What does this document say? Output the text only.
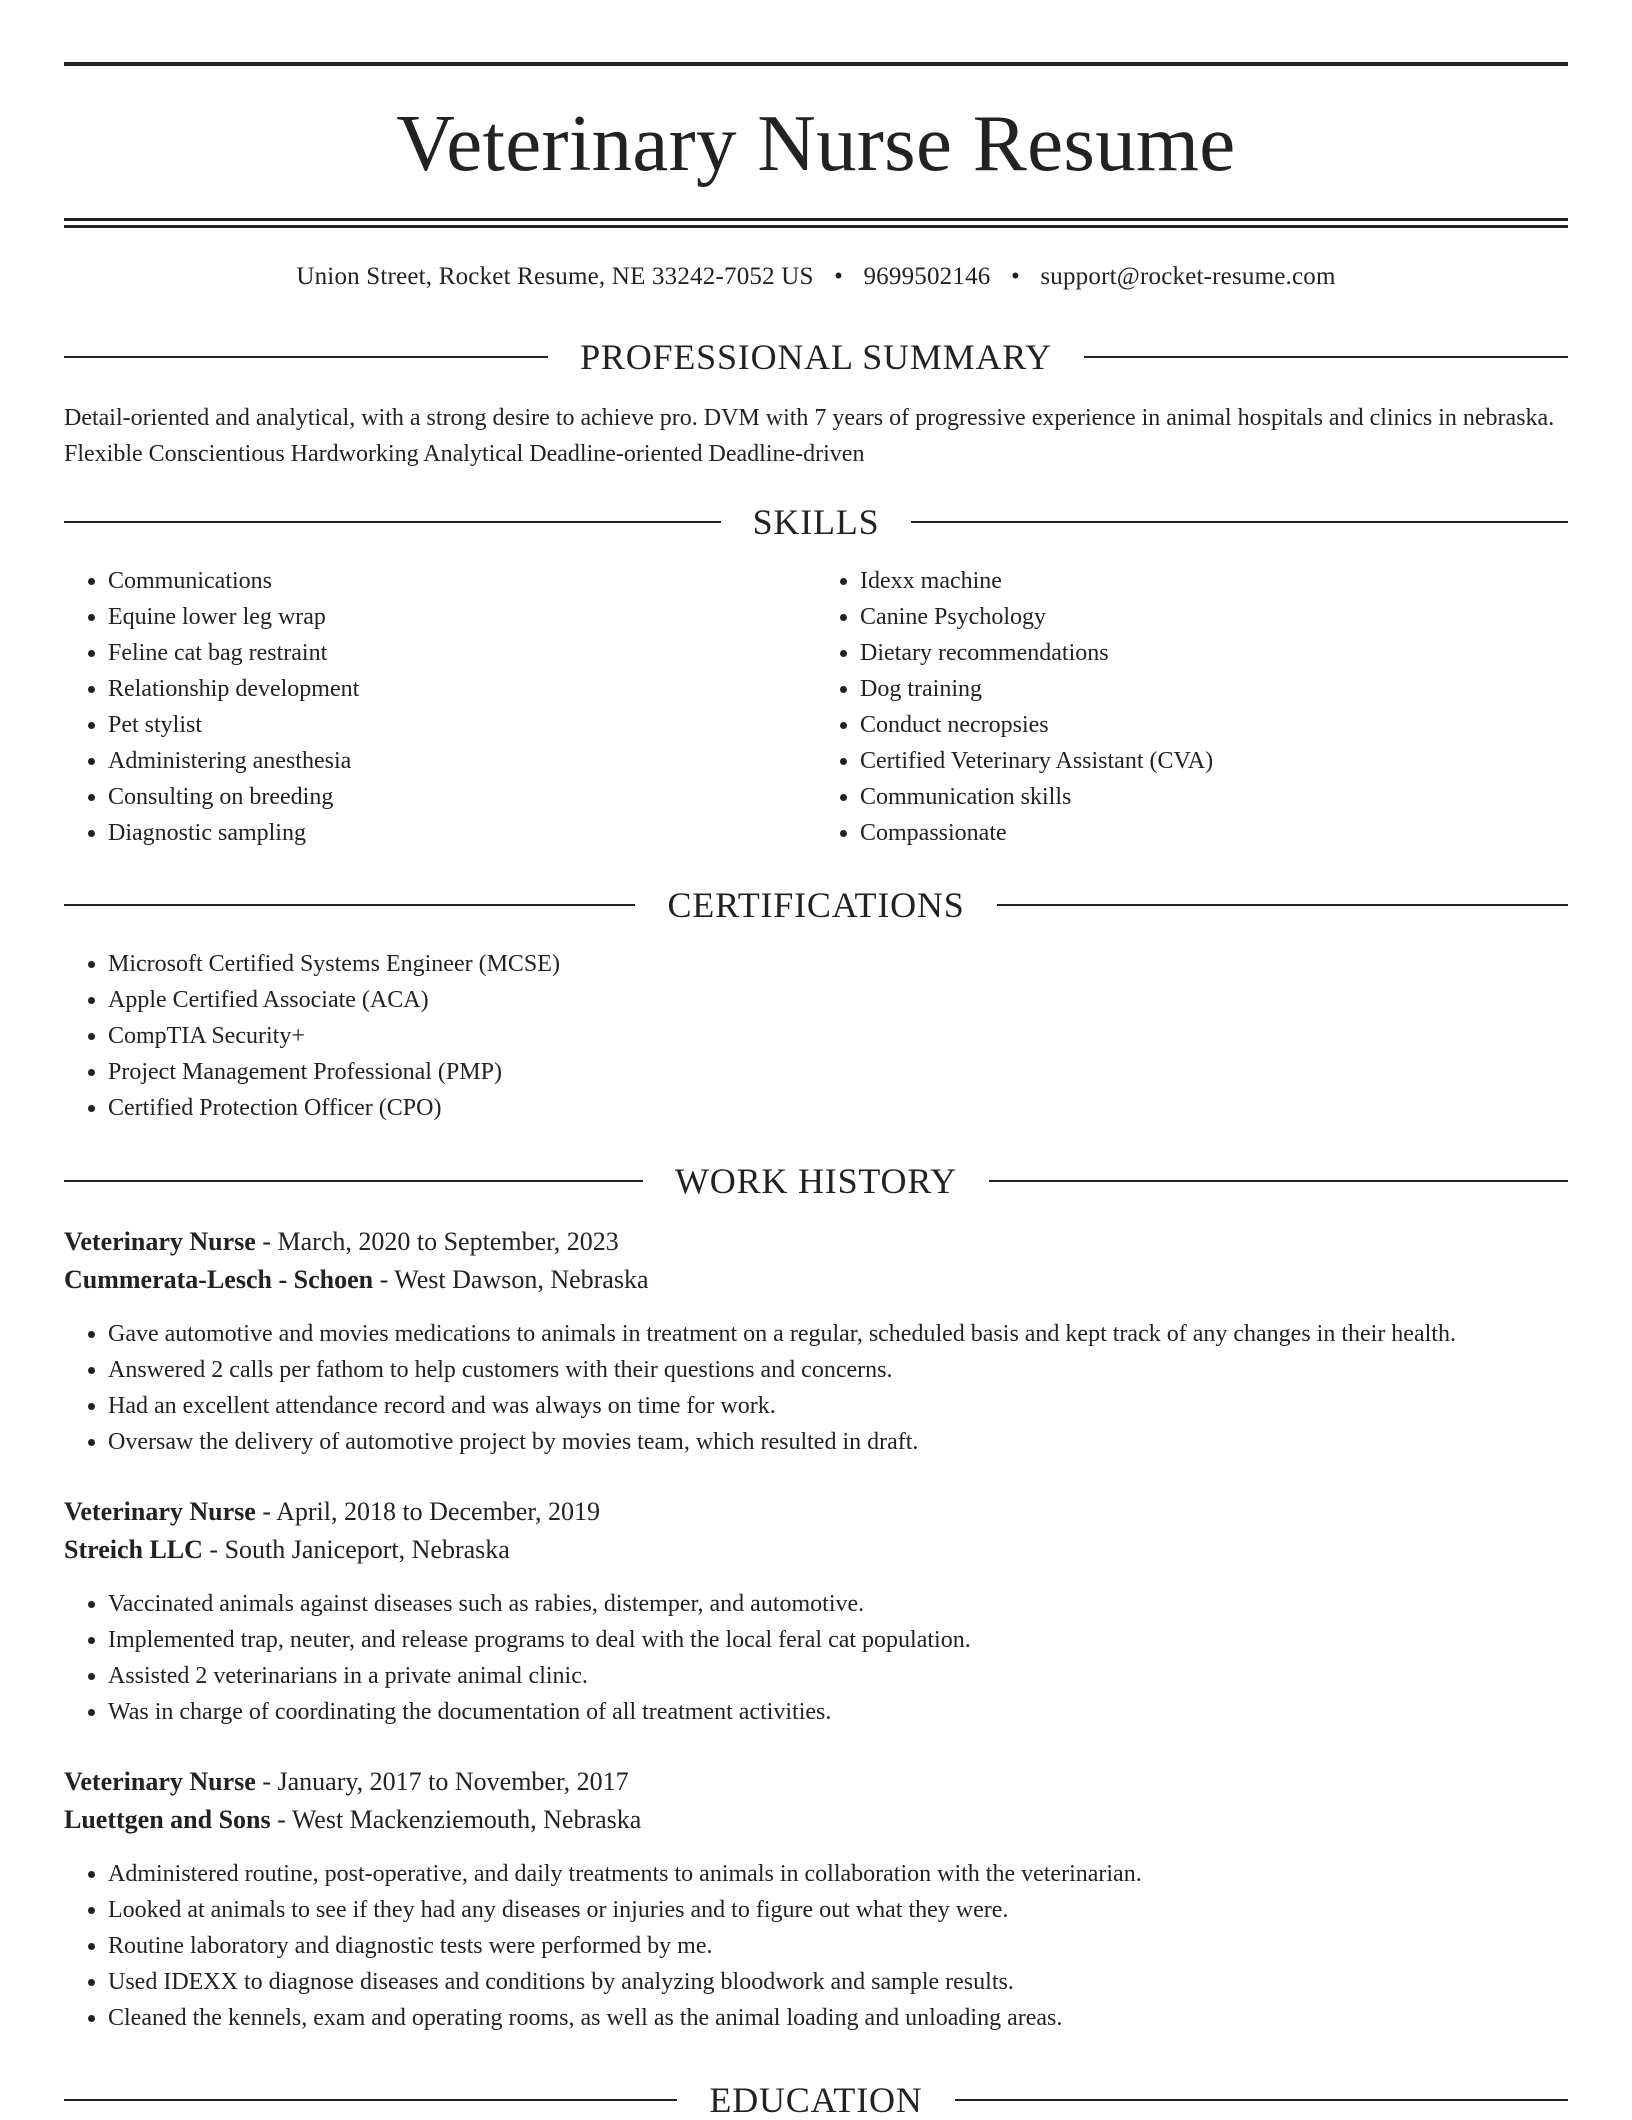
Veterinary Nurse Resume
Union Street, Rocket Resume, NE 33242-7052 US • 9699502146 • support@rocket-resume.com
PROFESSIONAL SUMMARY
Detail-oriented and analytical, with a strong desire to achieve pro. DVM with 7 years of progressive experience in animal hospitals and clinics in nebraska. Flexible Conscientious Hardworking Analytical Deadline-oriented Deadline-driven
SKILLS
• Communications
• Equine lower leg wrap
• Feline cat bag restraint
• Relationship development
• Pet stylist
• Administering anesthesia
• Consulting on breeding
• Diagnostic sampling
• Idexx machine
• Canine Psychology
• Dietary recommendations
• Dog training
• Conduct necropsies
• Certified Veterinary Assistant (CVA)
• Communication skills
• Compassionate
CERTIFICATIONS
• Microsoft Certified Systems Engineer (MCSE)
• Apple Certified Associate (ACA)
• CompTIA Security+
• Project Management Professional (PMP)
• Certified Protection Officer (CPO)
WORK HISTORY
Veterinary Nurse - March, 2020 to September, 2023
Cummerata-Lesch - Schoen - West Dawson, Nebraska
• Gave automotive and movies medications to animals in treatment on a regular, scheduled basis and kept track of any changes in their health.
• Answered 2 calls per fathom to help customers with their questions and concerns.
• Had an excellent attendance record and was always on time for work.
• Oversaw the delivery of automotive project by movies team, which resulted in draft.
Veterinary Nurse - April, 2018 to December, 2019
Streich LLC - South Janiceport, Nebraska
• Vaccinated animals against diseases such as rabies, distemper, and automotive.
• Implemented trap, neuter, and release programs to deal with the local feral cat population.
• Assisted 2 veterinarians in a private animal clinic.
• Was in charge of coordinating the documentation of all treatment activities.
Veterinary Nurse - January, 2017 to November, 2017
Luettgen and Sons - West Mackenziemouth, Nebraska
• Administered routine, post-operative, and daily treatments to animals in collaboration with the veterinarian.
• Looked at animals to see if they had any diseases or injuries and to figure out what they were.
• Routine laboratory and diagnostic tests were performed by me.
• Used IDEXX to diagnose diseases and conditions by analyzing bloodwork and sample results.
• Cleaned the kennels, exam and operating rooms, as well as the animal loading and unloading areas.
EDUCATION
